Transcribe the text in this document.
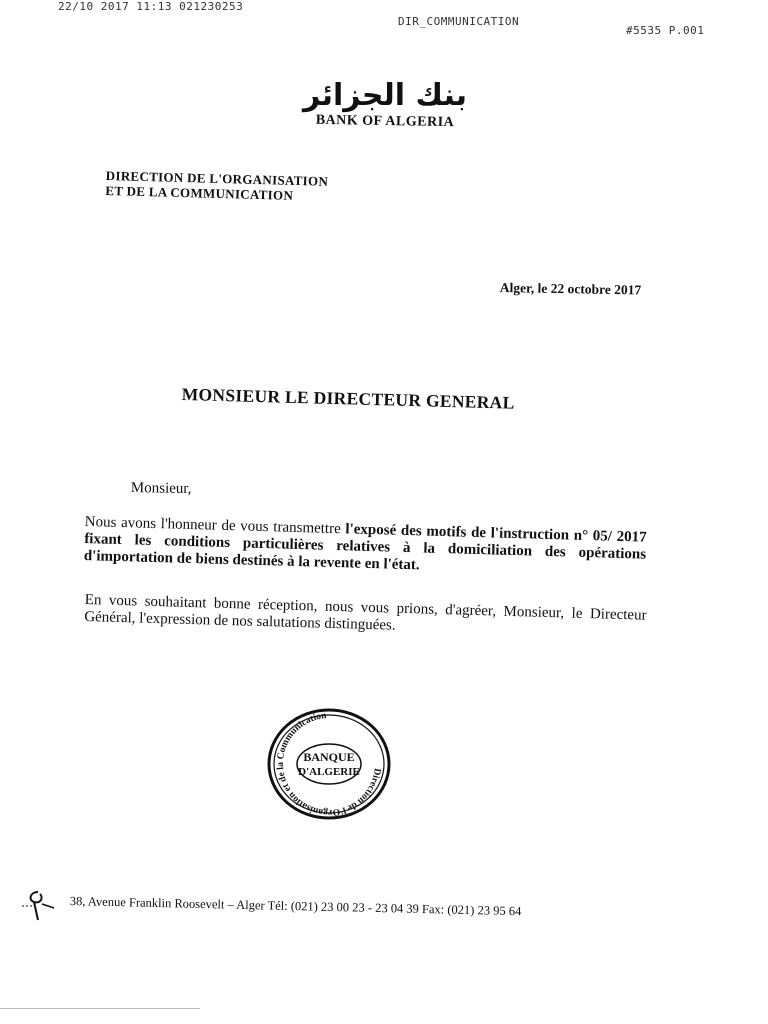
22/10 2017 11:13 021230253
DIR_COMMUNICATION
#5535 P.001
بنك الجزائر
BANK OF ALGERIA
DIRECTION DE L'ORGANISATION
ET DE LA COMMUNICATION
Alger, le 22 octobre 2017
MONSIEUR LE DIRECTEUR GENERAL
Monsieur,
Nous avons l'honneur de vous transmettre l'exposé des motifs de l'instruction n° 05/ 2017 fixant les conditions particulières relatives à la domiciliation des opérations d'importation de biens destinés à la revente en l'état.
En vous souhaitant bonne réception, nous vous prions, d'agréer, Monsieur, le Directeur Général, l'expression de nos salutations distinguées.
Direction de l'Organisation et de la Communication
BANQUE
D'ALGERIE
38, Avenue Franklin Roosevelt – Alger Tél: (021) 23 00 23 - 23 04 39 Fax: (021) 23 95 64
